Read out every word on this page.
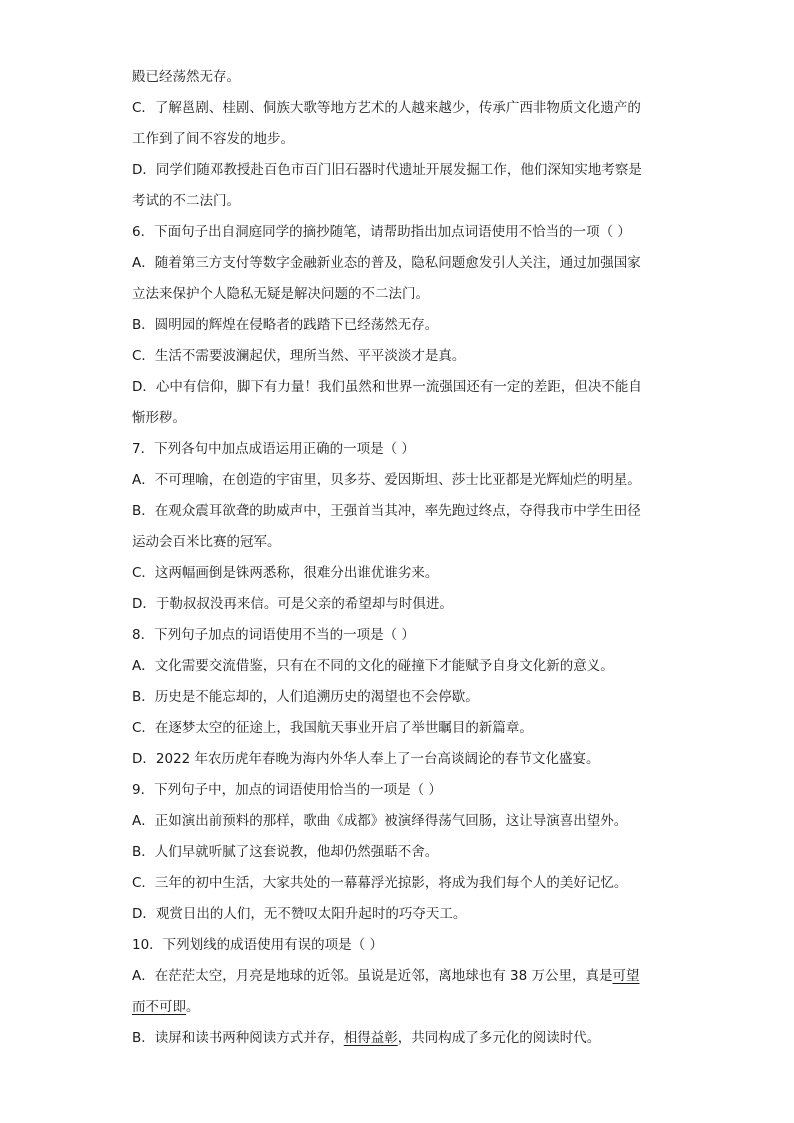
殿已经荡然无存。
C．了解邕剧、桂剧、侗族大歌等地方艺术的人越来越少，传承广西非物质文化遗产的
工作到了间不容发的地步。
D．同学们随邓教授赴百色市百门旧石器时代遗址开展发掘工作，他们深知实地考察是
考试的不二法门。
6．下面句子出自洞庭同学的摘抄随笔，请帮助指出加点词语使用不恰当的一项（ ）
A．随着第三方支付等数字金融新业态的普及，隐私问题愈发引人关注，通过加强国家
立法来保护个人隐私无疑是解决问题的不二法门。
B．圆明园的辉煌在侵略者的践踏下已经荡然无存。
C．生活不需要波澜起伏，理所当然、平平淡淡才是真。
D．心中有信仰，脚下有力量！我们虽然和世界一流强国还有一定的差距，但决不能自
惭形秽。
7．下列各句中加点成语运用正确的一项是（ ）
A．不可理喻，在创造的宇宙里，贝多芬、爱因斯坦、莎士比亚都是光辉灿烂的明星。
B．在观众震耳欲聋的助威声中，王强首当其冲，率先跑过终点，夺得我市中学生田径
运动会百米比赛的冠军。
C．这两幅画倒是铢两悉称，很难分出谁优谁劣来。
D．于勒叔叔没再来信。可是父亲的希望却与时俱进。
8．下列句子加点的词语使用不当的一项是（ ）
A．文化需要交流借鉴，只有在不同的文化的碰撞下才能赋予自身文化新的意义。
B．历史是不能忘却的，人们追溯历史的渴望也不会停歇。
C．在逐梦太空的征途上，我国航天事业开启了举世瞩目的新篇章。
D．2022 年农历虎年春晚为海内外华人奉上了一台高谈阔论的春节文化盛宴。
9．下列句子中，加点的词语使用恰当的一项是（ ）
A．正如演出前预料的那样，歌曲《成都》被演绎得荡气回肠，这让导演喜出望外。
B．人们早就听腻了这套说教，他却仍然强聒不舍。
C．三年的初中生活，大家共处的一幕幕浮光掠影，将成为我们每个人的美好记忆。
D．观赏日出的人们，无不赞叹太阳升起时的巧夺天工。
10．下列划线的成语使用有误的项是（ ）
A．在茫茫太空，月亮是地球的近邻。虽说是近邻，离地球也有 38 万公里，真是可望
而不可即。
B．读屏和读书两种阅读方式并存，相得益彰，共同构成了多元化的阅读时代。
